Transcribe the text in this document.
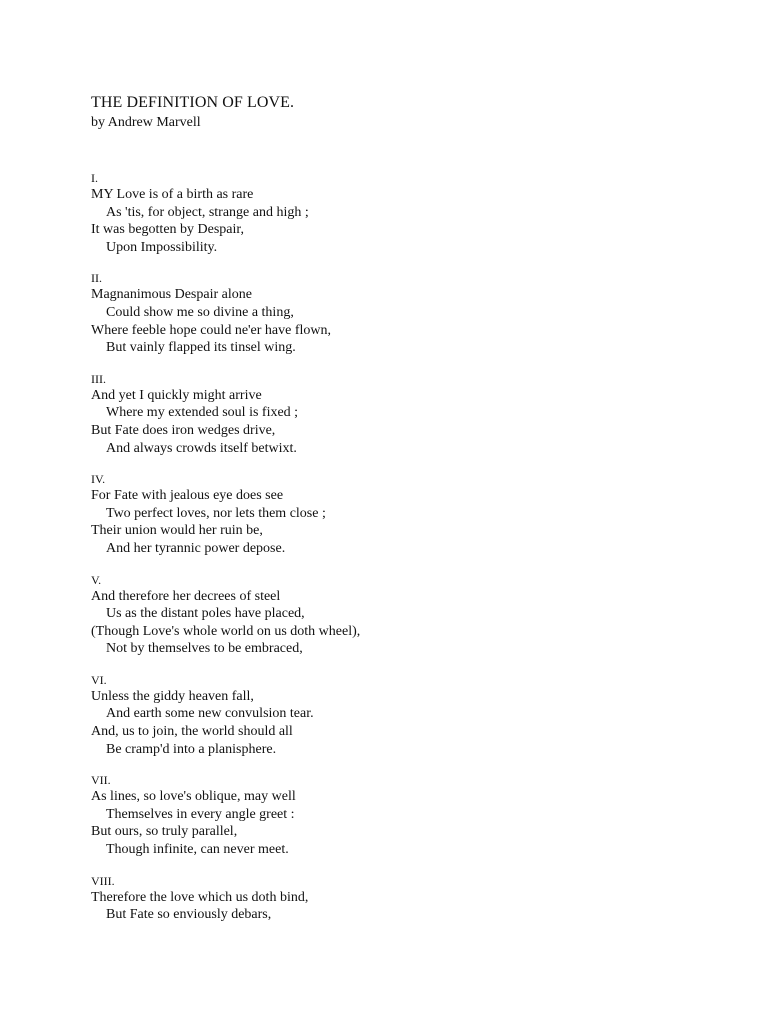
THE DEFINITION OF LOVE.

by Andrew Marvell

I.
MY Love is of a birth as rare
As 'tis, for object, strange and high ;
It was begotten by Despair,
Upon Impossibility.
II.
Magnanimous Despair alone
Could show me so divine a thing,
Where feeble hope could ne'er have flown,
But vainly flapped its tinsel wing.
III.
And yet I quickly might arrive
Where my extended soul is fixed ;
But Fate does iron wedges drive,
And always crowds itself betwixt.
IV.
For Fate with jealous eye does see
Two perfect loves, nor lets them close ;
Their union would her ruin be,
And her tyrannic power depose.
V.
And therefore her decrees of steel
Us as the distant poles have placed,
(Though Love's whole world on us doth wheel),
Not by themselves to be embraced,
VI.
Unless the giddy heaven fall,
And earth some new convulsion tear.
And, us to join, the world should all
Be cramp'd into a planisphere.
VII.
As lines, so love's oblique, may well
Themselves in every angle greet :
But ours, so truly parallel,
Though infinite, can never meet.
VIII.
Therefore the love which us doth bind,
But Fate so enviously debars,
